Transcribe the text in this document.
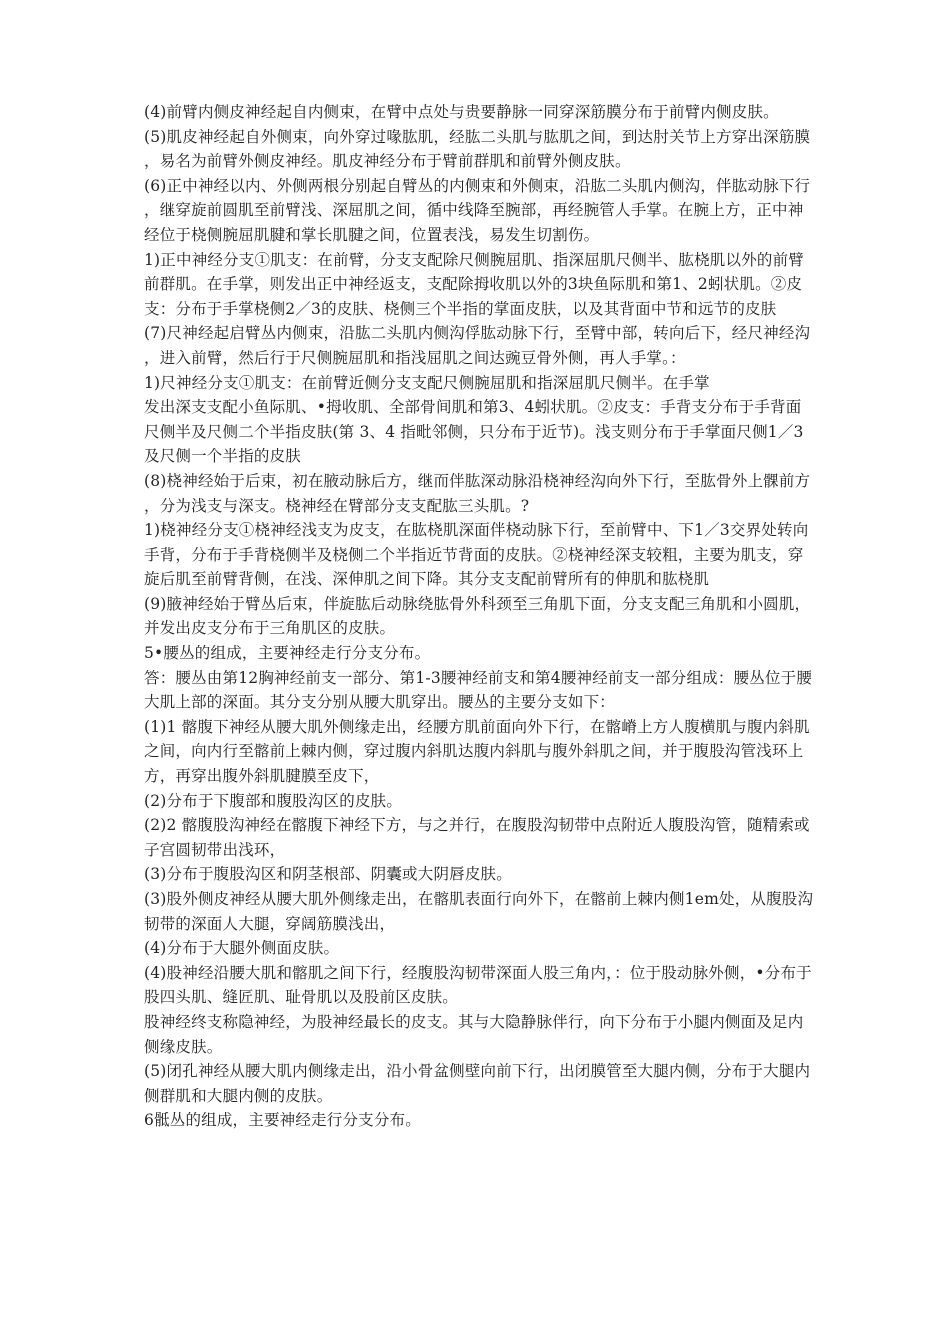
(4)前臂内侧皮神经起自内侧束，在臂中点处与贵要静脉一同穿深筋膜分布于前臂内侧皮肤。

(5)肌皮神经起自外侧束，向外穿过喙肱肌，经肱二头肌与肱肌之间，到达肘关节上方穿出深筋膜，易名为前臂外侧皮神经。肌皮神经分布于臂前群肌和前臂外侧皮肤。

(6)正中神经以内、外侧两根分别起自臂丛的内侧束和外侧束，沿肱二头肌内侧沟，伴肱动脉下行，继穿旋前圆肌至前臂浅、深屈肌之间，循中线降至腕部，再经腕管人手掌。在腕上方，正中神经位于桡侧腕屈肌腱和掌长肌腱之间，位置表浅，易发生切割伤。

1)正中神经分支①肌支：在前臂，分支支配除尺侧腕屈肌、指深屈肌尺侧半、肱桡肌以外的前臂前群肌。在手掌，则发出正中神经返支，支配除拇收肌以外的3块鱼际肌和第1、2蚓状肌。②皮支：分布于手掌桡侧2／3的皮肤、桡侧三个半指的掌面皮肤，以及其背面中节和远节的皮肤

(7)尺神经起启臂丛内侧束，沿肱二头肌内侧沟俘肱动脉下行，至臂中部，转向后下，经尺神经沟，进入前臂，然后行于尺侧腕屈肌和指浅屈肌之间达豌豆骨外侧，再人手掌。：

1)尺神经分支①肌支：在前臂近侧分支支配尺侧腕屈肌和指深屈肌尺侧半。在手掌

发出深支支配小鱼际肌、•拇收肌、全部骨间肌和第3、4蚓状肌。②皮支：手背支分布于手背面尺侧半及尺侧二个半指皮肤(第 3、4 指毗邻侧，只分布于近节)。浅支则分布于手掌面尺侧1／3及尺侧一个半指的皮肤

(8)桡神经始于后束，初在腋动脉后方，继而伴肱深动脉沿桡神经沟向外下行，至肱骨外上髁前方，分为浅支与深支。桡神经在臂部分支支配肱三头肌。?

1)桡神经分支①桡神经浅支为皮支，在肱桡肌深面伴桡动脉下行，至前臂中、下1／3交界处转向手背，分布于手背桡侧半及桡侧二个半指近节背面的皮肤。②桡神经深支较粗，主要为肌支，穿旋后肌至前臂背侧，在浅、深伸肌之间下降。其分支支配前臂所有的伸肌和肱桡肌

(9)腋神经始于臂丛后束，伴旋肱后动脉绕肱骨外科颈至三角肌下面，分支支配三角肌和小圆肌，并发出皮支分布于三角肌区的皮肤。

5•腰丛的组成，主要神经走行分支分布。

答：腰丛由第12胸神经前支一部分、第1-3腰神经前支和第4腰神经前支一部分组成：腰丛位于腰大肌上部的深面。其分支分别从腰大肌穿出。腰丛的主要分支如下：

(1)1 髂腹下神经从腰大肌外侧缘走出，经腰方肌前面向外下行，在髂嵴上方人腹横肌与腹内斜肌之间，向内行至髂前上棘内侧，穿过腹内斜肌达腹内斜肌与腹外斜肌之间，并于腹股沟管浅环上方，再穿出腹外斜肌腱膜至皮下，

(2)分布于下腹部和腹股沟区的皮肤。

(2)2 髂腹股沟神经在髂腹下神经下方，与之并行，在腹股沟韧带中点附近人腹股沟管，随精索或子宫圆韧带出浅环，

(3)分布于腹股沟区和阴茎根部、阴囊或大阴唇皮肤。

(3)股外侧皮神经从腰大肌外侧缘走出，在髂肌表面行向外下，在髂前上棘内侧1em处，从腹股沟韧带的深面人大腿，穿阔筋膜浅出，

(4)分布于大腿外侧面皮肤。

(4)股神经沿腰大肌和髂肌之间下行，经腹股沟韧带深面人股三角内，：位于股动脉外侧，•分布于股四头肌、缝匠肌、耻骨肌以及股前区皮肤。

股神经终支称隐神经，为股神经最长的皮支。其与大隐静脉伴行，向下分布于小腿内侧面及足内侧缘皮肤。

(5)闭孔神经从腰大肌内侧缘走出，沿小骨盆侧壁向前下行，出闭膜管至大腿内侧，分布于大腿内侧群肌和大腿内侧的皮肤。

6骶丛的组成，主要神经走行分支分布。
